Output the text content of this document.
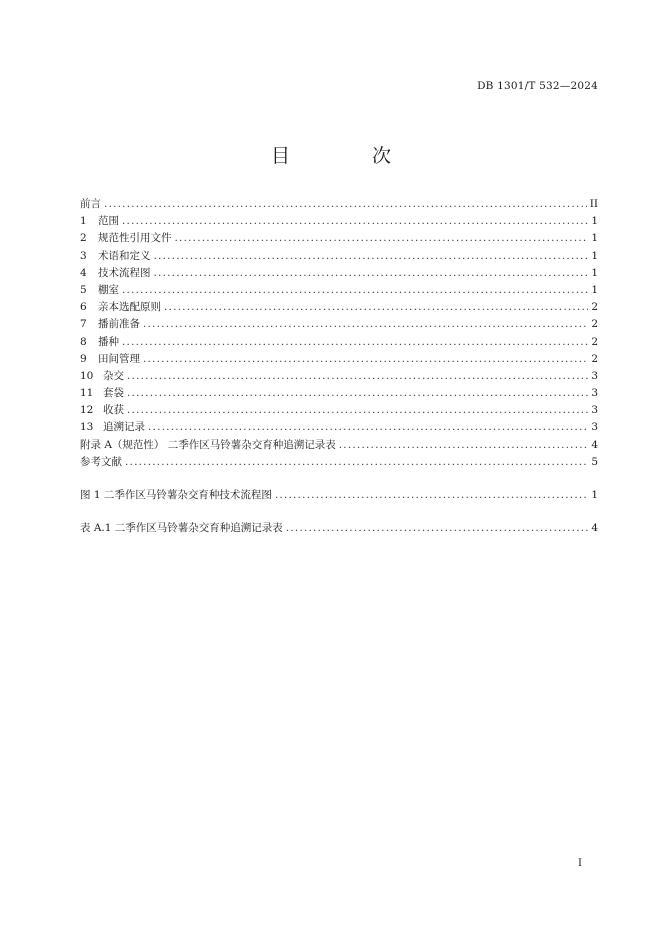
DB 1301/T 532—2024
目 次
前言 .....	II
1	范围 .....	1
2	规范性引用文件 .....	1
3	术语和定义 .....	1
4	技术流程图 .....	1
5	棚室 .....	1
6	亲本选配原则 .....	2
7	播前准备 .....	2
8	播种 .....	2
9	田间管理 .....	2
10 杂交 .....	3
11 套袋 .....	3
12 收获 .....	3
13 追溯记录 .....	3
附录 A（规范性） 二季作区马铃薯杂交育种追溯记录表 .....	4
参考文献 .....	5
图 1 二季作区马铃薯杂交育种技术流程图 .....	1
表 A.1 二季作区马铃薯杂交育种追溯记录表 .....	4
I
